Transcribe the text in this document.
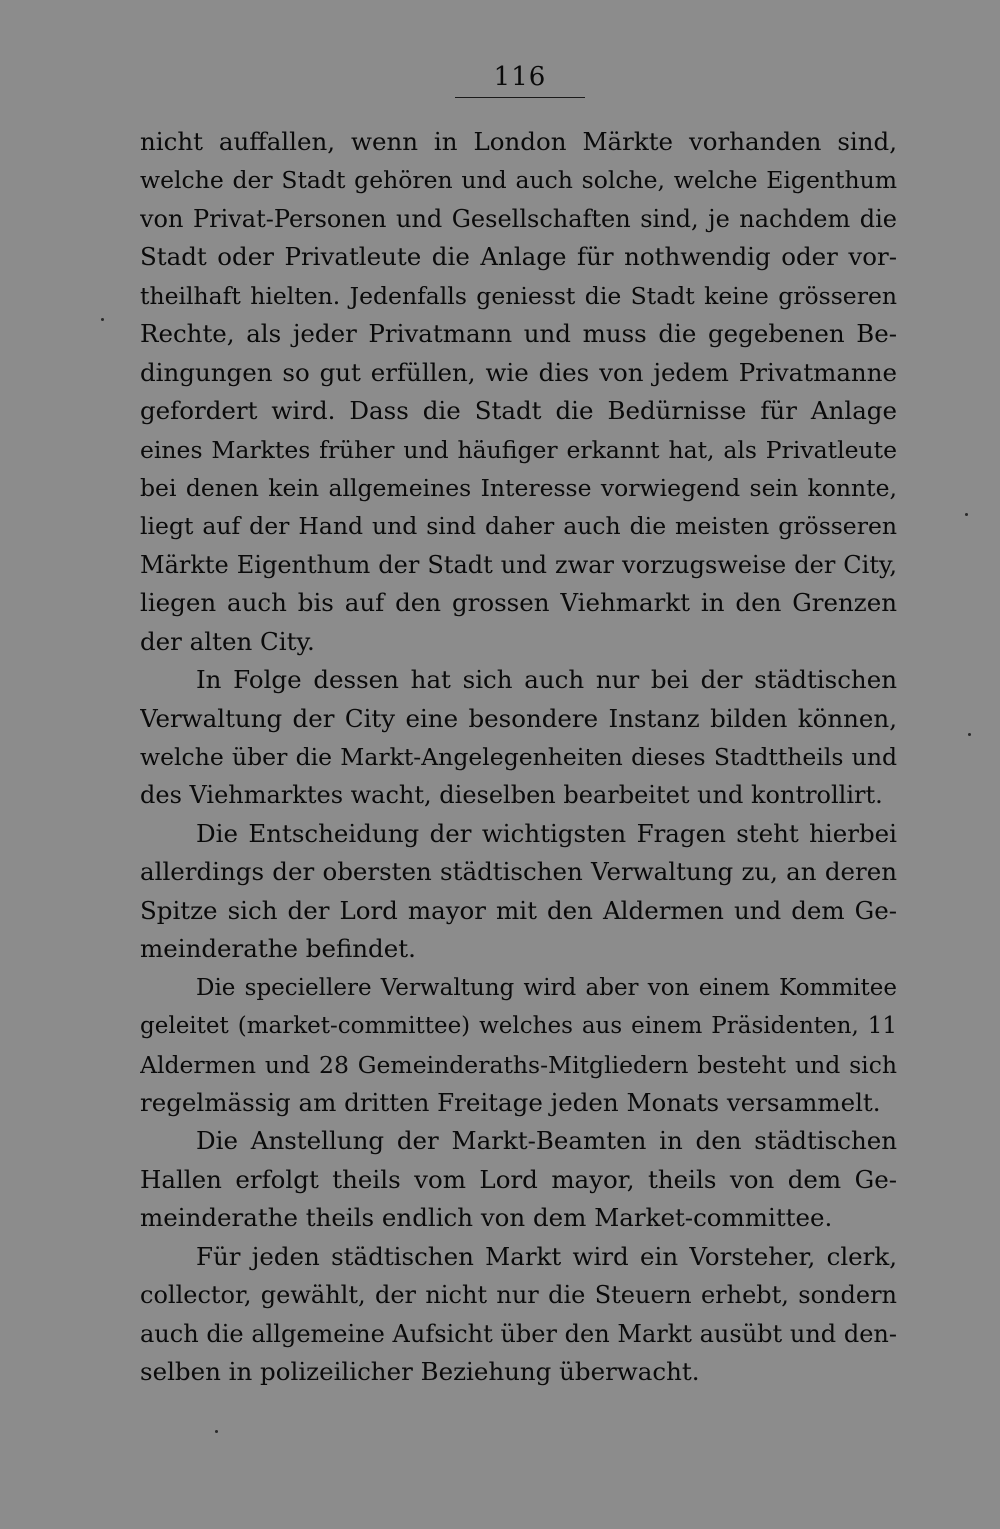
116
nicht auffallen, wenn in London Märkte vorhanden sind,
welche der Stadt gehören und auch solche, welche Eigenthum
von Privat-Personen und Gesellschaften sind, je nachdem die
Stadt oder Privatleute die Anlage für nothwendig oder vor-
theilhaft hielten. Jedenfalls geniesst die Stadt keine grösseren
Rechte, als jeder Privatmann und muss die gegebenen Be-
dingungen so gut erfüllen, wie dies von jedem Privatmanne
gefordert wird. Dass die Stadt die Bedürnisse für Anlage
eines Marktes früher und häufiger erkannt hat, als Privatleute
bei denen kein allgemeines Interesse vorwiegend sein konnte,
liegt auf der Hand und sind daher auch die meisten grösseren
Märkte Eigenthum der Stadt und zwar vorzugsweise der City,
liegen auch bis auf den grossen Viehmarkt in den Grenzen
der alten City.
In Folge dessen hat sich auch nur bei der städtischen
Verwaltung der City eine besondere Instanz bilden können,
welche über die Markt-Angelegenheiten dieses Stadttheils und
des Viehmarktes wacht, dieselben bearbeitet und kontrollirt.
Die Entscheidung der wichtigsten Fragen steht hierbei
allerdings der obersten städtischen Verwaltung zu, an deren
Spitze sich der Lord mayor mit den Aldermen und dem Ge-
meinderathe befindet.
Die speciellere Verwaltung wird aber von einem Kommitee
geleitet (market-committee) welches aus einem Präsidenten, 11
Aldermen und 28 Gemeinderaths-Mitgliedern besteht und sich
regelmässig am dritten Freitage jeden Monats versammelt.
Die Anstellung der Markt-Beamten in den städtischen
Hallen erfolgt theils vom Lord mayor, theils von dem Ge-
meinderathe theils endlich von dem Market-committee.
Für jeden städtischen Markt wird ein Vorsteher, clerk,
collector, gewählt, der nicht nur die Steuern erhebt, sondern
auch die allgemeine Aufsicht über den Markt ausübt und den-
selben in polizeilicher Beziehung überwacht.
